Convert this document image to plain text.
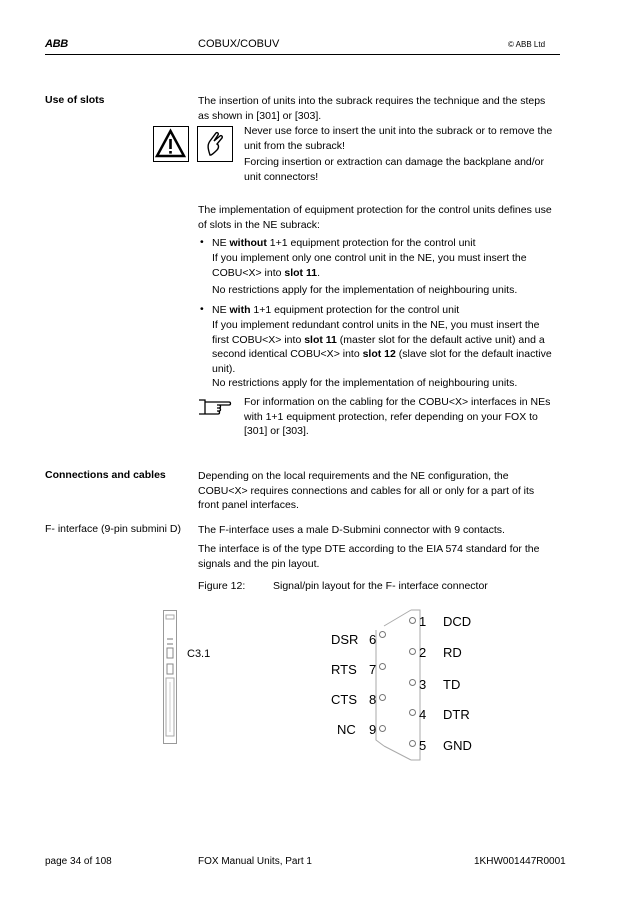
ABB	COBUX/COBUV	© ABB Ltd
Use of slots	The insertion of units into the subrack requires the technique and the steps
as shown in [301] or [303].
Never use force to insert the unit into the subrack or to remove the
unit from the subrack!
Forcing insertion or extraction can damage the backplane and/or
unit connectors!
The implementation of equipment protection for the control units defines use
of slots in the NE subrack:
• NE without 1+1 equipment protection for the control unit
If you implement only one control unit in the NE, you must insert the
COBU<X> into slot 11.
No restrictions apply for the implementation of neighbouring units.
• NE with 1+1 equipment protection for the control unit
If you implement redundant control units in the NE, you must insert the
first COBU<X> into slot 11 (master slot for the default active unit) and a
second identical COBU<X> into slot 12 (slave slot for the default inactive
unit).
No restrictions apply for the implementation of neighbouring units.
For information on the cabling for the COBU<X> interfaces in NEs
with 1+1 equipment protection, refer depending on your FOX to
[301] or [303].
Connections and cables	Depending on the local requirements and the NE configuration, the
COBU<X> requires connections and cables for all or only for a part of its
front panel interfaces.
F- interface (9-pin submini D) The F-interface uses a male D-Submini connector with 9 contacts.
The interface is of the type DTE according to the EIA 574 standard for the
signals and the pin layout.
Figure 12:	Signal/pin layout for the F- interface connector
C3.1
1 DCD
2 RD
3 TD
4 DTR
5 GND
DSR 6
RTS 7
CTS 8
NC 9
page 34 of 108	FOX Manual Units, Part 1	1KHW001447R0001
